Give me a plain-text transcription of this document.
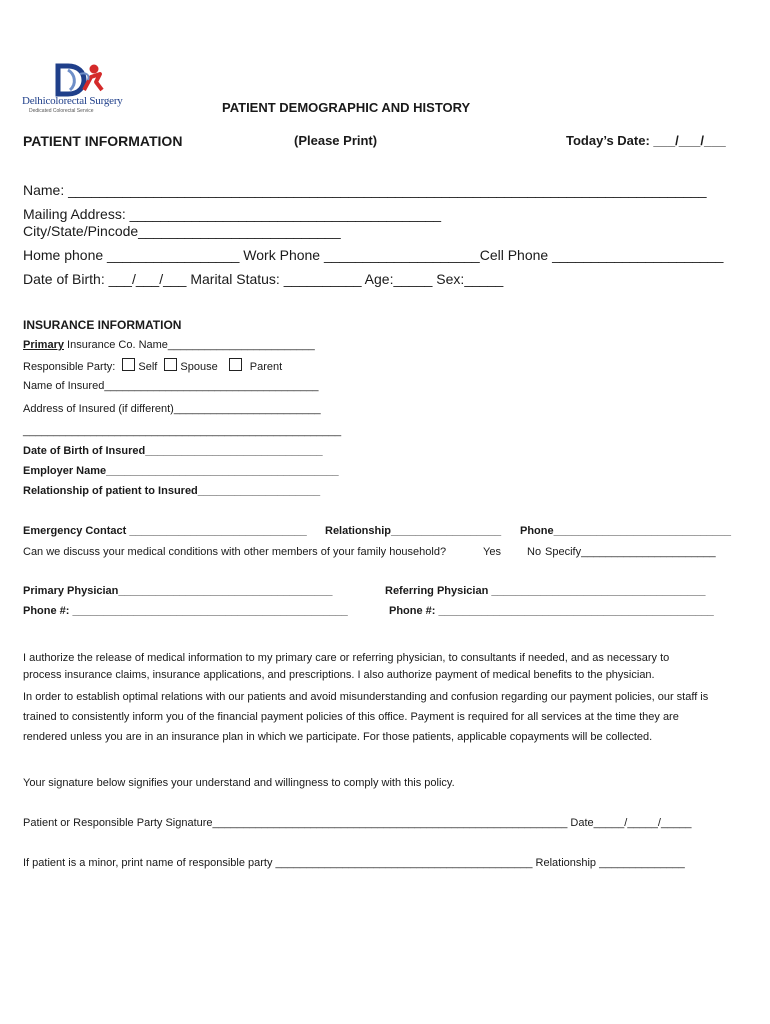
Delhicolorectal Surgery
Dedicated Colorectal Service	PATIENT DEMOGRAPHIC AND HISTORY
PATIENT INFORMATION	(Please Print)	Today’s Date: ___/___/___
Name: __________________________________________________________________________________
Mailing Address: ________________________________________
City/State/Pincode__________________________
Home phone _________________ Work Phone ____________________Cell Phone ______________________
Date of Birth: ___/___/___ Marital Status: __________ Age:_____ Sex:_____
INSURANCE INFORMATION
Primary Insurance Co. Name________________________
Responsible Party: Self Spouse	Parent
Name of Insured___________________________________
Address of Insured (if different)________________________
____________________________________________________
Date of Birth of Insured_____________________________
Employer Name______________________________________
Relationship of patient to Insured____________________
Emergency Contact _____________________________ Relationship__________________ Phone_____________________________
Can we discuss your medical conditions with other members of your family household?	Yes No Specify______________________
Primary Physician___________________________________	Referring Physician ___________________________________
Phone #: _____________________________________________	Phone #: _____________________________________________
I authorize the release of medical information to my primary care or referring physician, to consultants if needed, and as necessary to
process insurance claims, insurance applications, and prescriptions. I also authorize payment of medical benefits to the physician.
In order to establish optimal relations with our patients and avoid misunderstanding and confusion regarding our payment policies, our staff is
trained to consistently inform you of the financial payment policies of this office. Payment is required for all services at the time they are
rendered unless you are in an insurance plan in which we participate. For those patients, applicable copayments will be collected.
Your signature below signifies your understand and willingness to comply with this policy.
Patient or Responsible Party Signature__________________________________________________________ Date_____/_____/_____
If patient is a minor, print name of responsible party __________________________________________ Relationship ______________
